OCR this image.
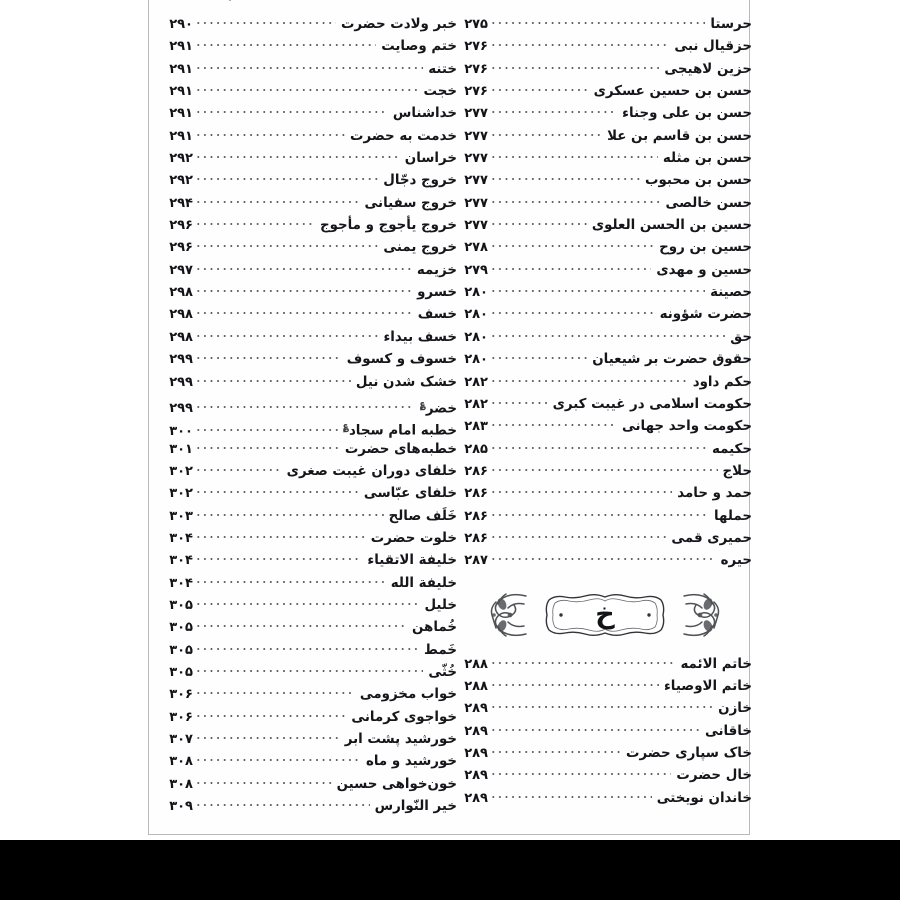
حرستا
۲۷۵
حزقیال نبی
۲۷۶
حزین لاهیجی
۲۷۶
حسن بن حسین عسکری
۲۷۶
حسن بن علی وجناء
۲۷۷
حسن بن قاسم بن علا
۲۷۷
حسن بن مثله
۲۷۷
حسن بن محبوب
۲۷۷
حسن خالصی
۲۷۷
حسین بن الحسن العلوی
۲۷۷
حسین بن روح
۲۷۸
حسین و مهدی
۲۷۹
حصینة
۲۸۰
حضرت شؤونه
۲۸۰
حق
۲۸۰
حقوق حضرت بر شیعیان
۲۸۰
حکم داود
۲۸۲
حکومت اسلامی در غیبت کبری
۲۸۲
حکومت واحد جهانی
۲۸۳
حکیمه
۲۸۵
حلاج
۲۸۶
حمد و حامد
۲۸۶
حملها
۲۸۶
حمیری قمی
۲۸۶
حیره
۲۸۷
خ
خاتم الائمه
۲۸۸
خاتم الاوصیاء
۲۸۸
خازن
۲۸۹
خاقانی
۲۸۹
خاک سپاری حضرت
۲۸۹
خال حضرت
۲۸۹
خاندان نویختی
۲۸۹
خبر ولادت حضرت
۲۹۰
ختم وصایت
۲۹۱
ختنه
۲۹۱
خجت
۲۹۱
خداشناس
۲۹۱
خدمت به حضرت
۲۹۱
خراسان
۲۹۲
خروج دجّال
۲۹۲
خروج سفیانی
۲۹۴
خروج یأجوج و مأجوج
۲۹۶
خروج یمنی
۲۹۶
خزیمه
۲۹۷
خسرو
۲۹۸
خسف
۲۹۸
خسف بیداء
۲۹۸
خسوف و کسوف
۲۹۹
خشک شدن نیل
۲۹۹
خضر؏
۲۹۹
خطبه امام سجاد؏
۳۰۰
خطبه‌های حضرت
۳۰۱
خلفای دوران غیبت صغری
۳۰۲
خلفای عبّاسی
۳۰۲
خَلَف صالح
۳۰۳
خلوت حضرت
۳۰۴
خلیفة الاتقیاء
۳۰۴
خلیفة الله
۳۰۴
خلیل
۳۰۵
خُماهن
۳۰۵
خَمط
۳۰۵
خُثّی
۳۰۵
خواب مخزومی
۳۰۶
خواجوی کرمانی
۳۰۶
خورشید پشت ابر
۳۰۷
خورشید و ماه
۳۰۸
خون‌خواهی حسین
۳۰۸
خیر النّوارس
۳۰۹
